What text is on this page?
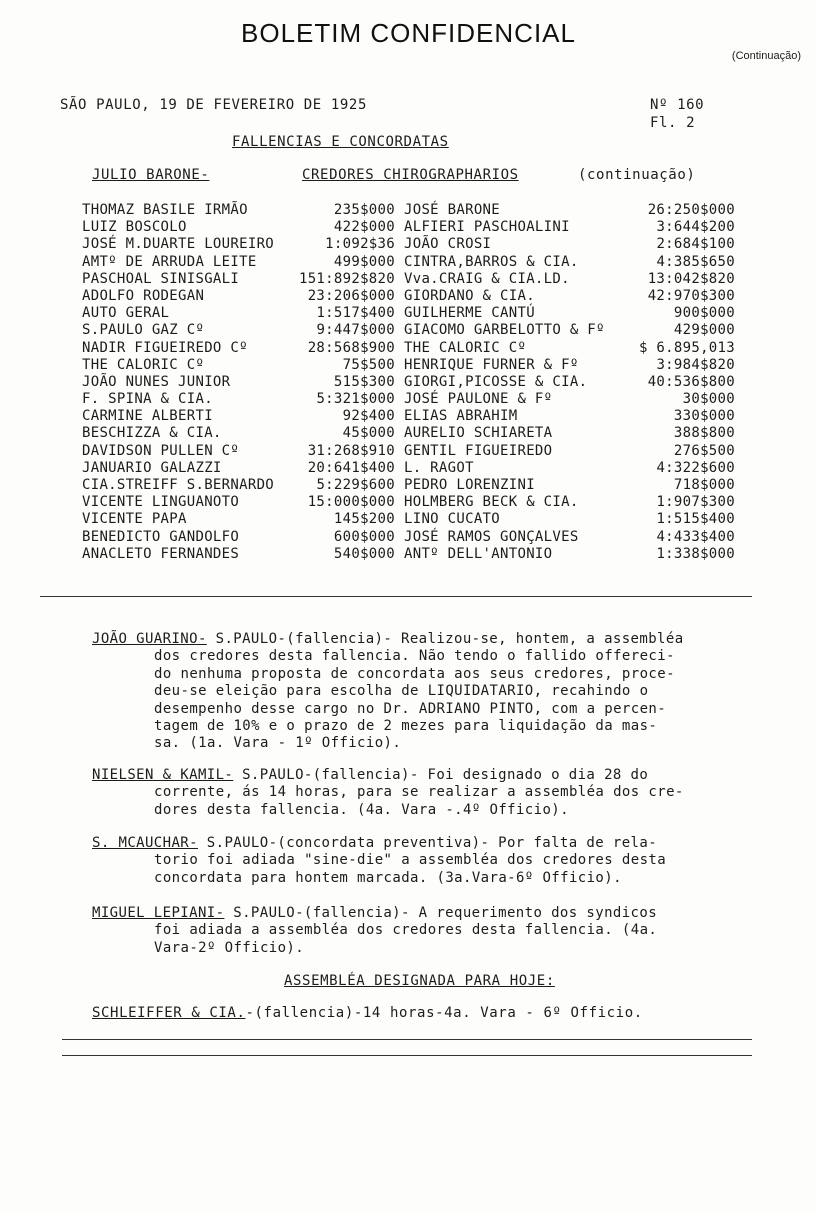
BOLETIM CONFIDENCIAL
(Continuação)
SÃO PAULO, 19 DE FEVEREIRO DE 1925	Nº 160
Fl. 2
FALLENCIAS E CONCORDATAS
JULIO BARONE-	CREDORES CHIROGRAPHARIOS	(continuação)
THOMAZ BASILE IRMÃO	235$000 JOSÉ BARONE	26:250$000
LUIZ BOSCOLO	422$000 ALFIERI PASCHOALINI	3:644$200
JOSÉ M.DUARTE LOUREIRO	1:092$36 JOÃO CROSI	2:684$100
AMTº DE ARRUDA LEITE	499$000 CINTRA,BARROS & CIA.	4:385$650
PASCHOAL SINISGALI	151:892$820 Vva.CRAIG & CIA.LD.	13:042$820
ADOLFO RODEGAN	23:206$000 GIORDANO & CIA.	42:970$300
AUTO GERAL	1:517$400 GUILHERME CANTÚ	900$000
S.PAULO GAZ Cº	9:447$000 GIACOMO GARBELOTTO & Fº	429$000
NADIR FIGUEIREDO Cº	28:568$900 THE CALORIC Cº	$ 6.895,013
THE CALORIC Cº	75$500 HENRIQUE FURNER & Fº	3:984$820
JOÃO NUNES JUNIOR	515$300 GIORGI,PICOSSE & CIA.	40:536$800
F. SPINA & CIA.	5:321$000 JOSÉ PAULONE & Fº	30$000
CARMINE ALBERTI	92$400 ELIAS ABRAHIM	330$000
BESCHIZZA & CIA.	45$000 AURELIO SCHIARETA	388$800
DAVIDSON PULLEN Cº	31:268$910 GENTIL FIGUEIREDO	276$500
JANUARIO GALAZZI	20:641$400 L. RAGOT	4:322$600
CIA.STREIFF S.BERNARDO	5:229$600 PEDRO LORENZINI	718$000
VICENTE LINGUANOTO	15:000$000 HOLMBERG BECK & CIA.	1:907$300
VICENTE PAPA	145$200 LINO CUCATO	1:515$400
BENEDICTO GANDOLFO	600$000 JOSÉ RAMOS GONÇALVES	4:433$400
ANACLETO FERNANDES	540$000 ANTº DELL'ANTONIO	1:338$000
JOÃO GUARINO- S.PAULO-(fallencia)- Realizou-se, hontem, a assembléa
dos credores desta fallencia. Não tendo o fallido offereci-
do nenhuma proposta de concordata aos seus credores, proce-
deu-se eleição para escolha de LIQUIDATARIO, recahindo o
desempenho desse cargo no Dr. ADRIANO PINTO, com a percen-
tagem de 10% e o prazo de 2 mezes para liquidação da mas-
sa. (1a. Vara - 1º Officio).
NIELSEN & KAMIL- S.PAULO-(fallencia)- Foi designado o dia 28 do
corrente, ás 14 horas, para se realizar a assembléa dos cre-
dores desta fallencia. (4a. Vara -.4º Officio).
S. MCAUCHAR- S.PAULO-(concordata preventiva)- Por falta de rela-
torio foi adiada "sine-die" a assembléa dos credores desta
concordata para hontem marcada. (3a.Vara-6º Officio).
MIGUEL LEPIANI- S.PAULO-(fallencia)- A requerimento dos syndicos
foi adiada a assembléa dos credores desta fallencia. (4a.
Vara-2º Officio).
ASSEMBLÉA DESIGNADA PARA HOJE:
SCHLEIFFER & CIA.-(fallencia)-14 horas-4a. Vara - 6º Officio.
